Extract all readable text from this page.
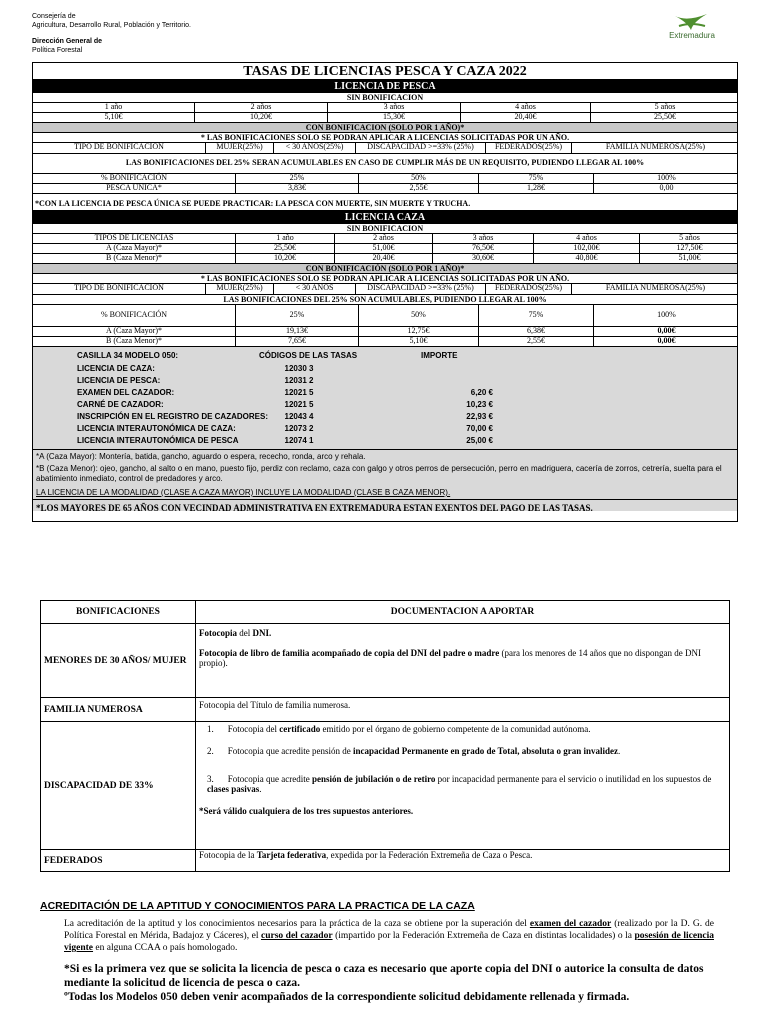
Consejería de
Agricultura, Desarrollo Rural, Población y Territorio.
Dirección General de
Política Forestal
Extremadura
TASAS DE LICENCIAS PESCA Y CAZA 2022
LICENCIA DE PESCA
SIN BONIFICACION
1 año	2 años	3 años	4 años	5 años
5,10€	10,20€	15,30€	20,40€	25,50€
CON BONIFICACION (SOLO POR 1 AÑO)*
* LAS BONIFICACIONES SOLO SE PODRAN APLICAR A LICENCIAS SOLICITADAS POR UN AÑO.
TIPO DE BONIFICACION	MUJER(25%)	< 30 AÑOS(25%)	DISCAPACIDAD >=33% (25%)	FEDERADOS(25%)	FAMILIA NUMEROSA(25%)
LAS BONIFICACIONES DEL 25% SERAN ACUMULABLES EN CASO DE CUMPLIR MÁS DE UN REQUISITO, PUDIENDO LLEGAR AL 100%
% BONIFICACIÓN	25%	50%	75%	100%
PESCA UNICA*	3,83€	2,55€	1,28€	0,00
*CON LA LICENCIA DE PESCA ÚNICA SE PUEDE PRACTICAR: LA PESCA CON MUERTE, SIN MUERTE Y TRUCHA.
LICENCIA CAZA
SIN BONIFICACION
TIPOS DE LICENCIAS	1 año	2 años	3 años	4 años	5 años
A (Caza Mayor)*	25,50€	51,00€	76,50€	102,00€	127,50€
B (Caza Menor)*	10,20€	20,40€	30,60€	40,80€	51,00€
CON BONIFICACIÓN (SOLO POR 1 AÑO)*
* LAS BONIFICACIONES SOLO SE PODRAN APLICAR A LICENCIAS SOLICITADAS POR UN AÑO.
TIPO DE BONIFICACION	MUJER(25%)	< 30 AÑOS	DISCAPACIDAD >=33% (25%)	FEDERADOS(25%)	FAMILIA NUMEROSA(25%)
LAS BONIFICACIONES DEL 25% SON ACUMULABLES, PUDIENDO LLEGAR AL 100%
% BONIFICACIÓN	25%	50%	75%	100%
A (Caza Mayor)*	19,13€	12,75€	6,38€	0,00€
B (Caza Menor)*	7,65€	5,10€	2,55€	0,00€
CASILLA 34 MODELO 050:	CÓDIGOS DE LAS TASAS	IMPORTE
LICENCIA DE CAZA:	12030 3
LICENCIA DE PESCA:	12031 2
EXAMEN DEL CAZADOR:	12021 5	6,20 €
CARNÉ DE CAZADOR:	12021 5	10,23 €
INSCRIPCIÓN EN EL REGISTRO DE CAZADORES:	12043 4	22,93 €
LICENCIA INTERAUTONÓMICA DE CAZA:	12073 2	70,00 €
LICENCIA INTERAUTONÓMICA DE PESCA	12074 1	25,00 €
*A (Caza Mayor): Montería, batida, gancho, aguardo o espera, recechо, ronda, arco y rehala.
*B (Caza Menor): ojeo, gancho, al salto o en mano, puesto fijo, perdiz con reclamo, caza con galgo y otros perros de persecución, perro en madriguera, cacería de zorros, cetrería, suelta para el abatimiento inmediato, control de predadores y arco.
LA LICENCIA DE LA MODALIDAD (CLASE A CAZA MAYOR) INCLUYE LA MODALIDAD (CLASE B CAZA MENOR).
*LOS MAYORES DE 65 AÑOS CON VECINDAD ADMINISTRATIVA EN EXTREMADURA ESTAN EXENTOS DEL PAGO DE LAS TASAS.
BONIFICACIONES	DOCUMENTACION A APORTAR
MENORES DE 30 AÑOS/ MUJER	Fotocopia del DNI.
Fotocopia de libro de familia acompañado de copia del DNI del padre o madre (para los menores de 14 años que no dispongan de DNI propio).

FAMILIA NUMEROSA	Fotocopia del Título de familia numerosa.
DISCAPACIDAD DE 33%	1. Fotocopia del certificado emitido por el órgano de gobierno competente de la comunidad autónoma.
2. Fotocopia que acredite pensión de incapacidad Permanente en grado de Total, absoluta o gran invalidez.
3. Fotocopia que acredite pensión de jubilación o de retiro por incapacidad permanente para el servicio o inutilidad en los supuestos de clases pasivas.
*Será válido cualquiera de los tres supuestos anteriores.

FEDERADOS	Fotocopia de la Tarjeta federativa, expedida por la Federación Extremeña de Caza o Pesca.
ACREDITACIÓN DE LA APTITUD Y CONOCIMIENTOS PARA LA PRACTICA DE LA CAZA
La acreditación de la aptitud y los conocimientos necesarios para la práctica de la caza se obtiene por la superación del examen del cazador (realizado por la D. G. de Política Forestal en Mérida, Badajoz y Cáceres), el curso del cazador (impartido por la Federación Extremeña de Caza en distintas localidades) o la posesión de licencia vigente en alguna CCAA o país homologado.
*Si es la primera vez que se solicita la licencia de pesca o caza es necesario que aporte copia del DNI o autorice la consulta de datos mediante la solicitud de licencia de pesca o caza.
ºTodas los Modelos 050 deben venir acompañados de la correspondiente solicitud debidamente rellenada y firmada.
